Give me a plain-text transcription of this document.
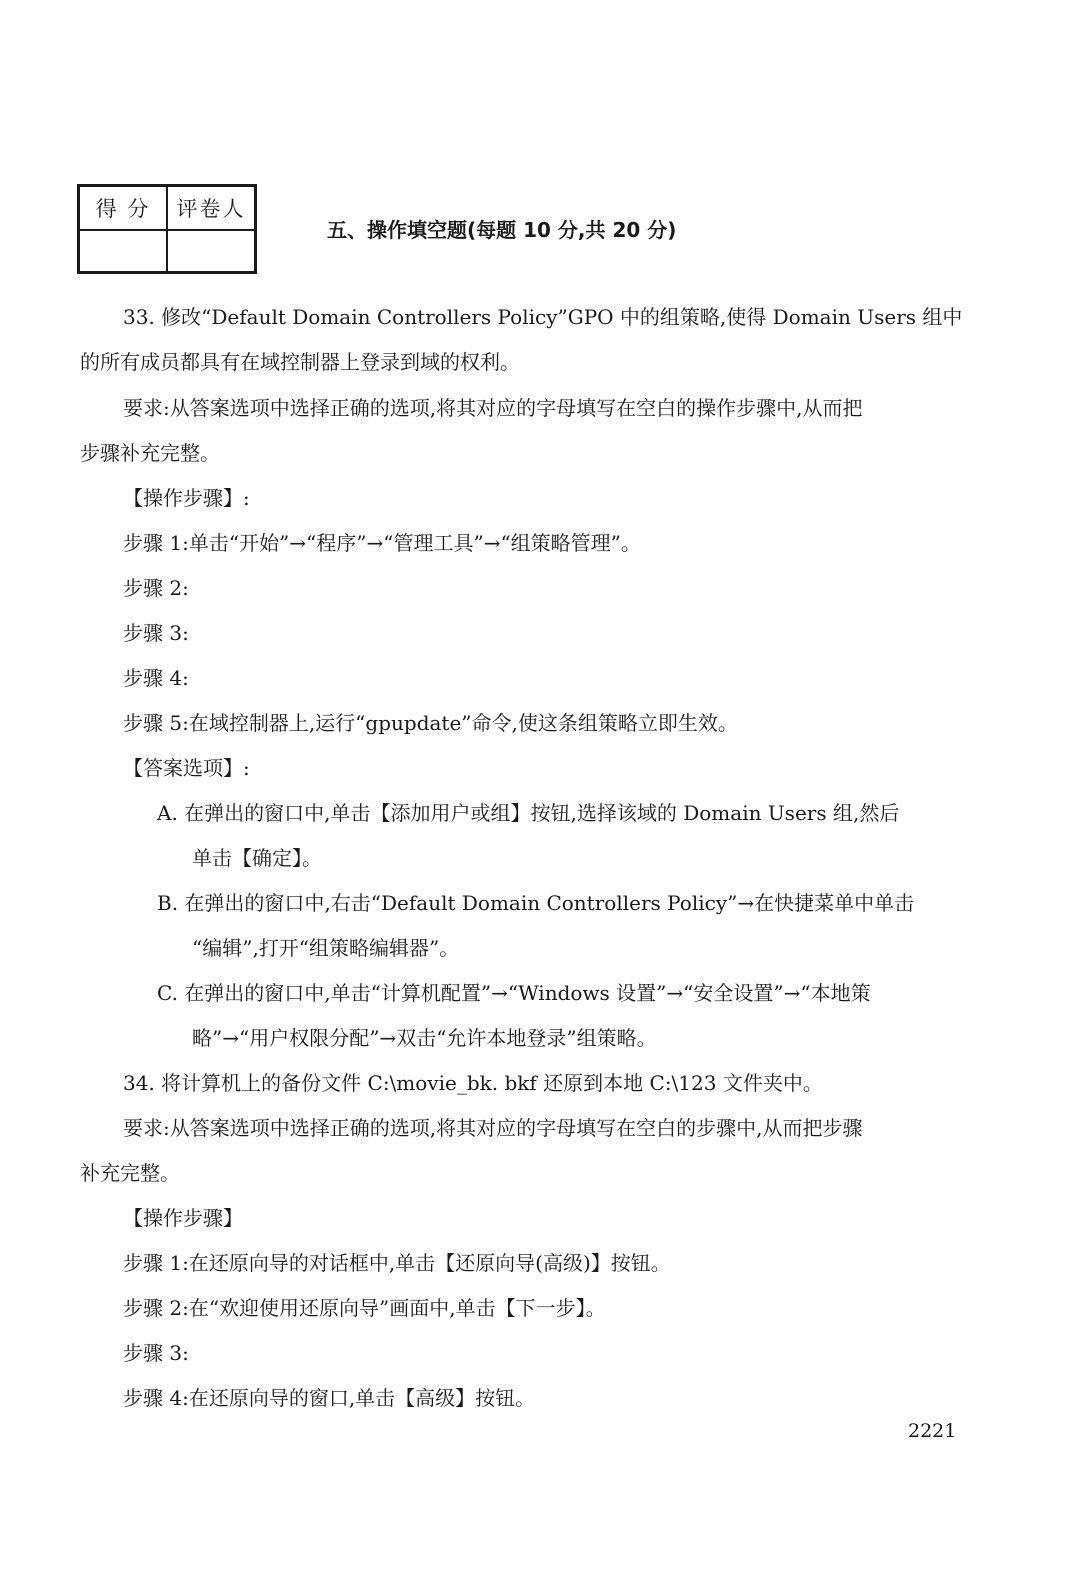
得 分	评卷人
五、操作填空题(每题 10 分,共 20 分)
33. 修改“Default Domain Controllers Policy”GPO 中的组策略,使得 Domain Users 组中
的所有成员都具有在域控制器上登录到域的权利。
要求:从答案选项中选择正确的选项,将其对应的字母填写在空白的操作步骤中,从而把
步骤补充完整。
【操作步骤】:
步骤 1:单击“开始”→“程序”→“管理工具”→“组策略管理”。
步骤 2:
步骤 3:
步骤 4:
步骤 5:在域控制器上,运行“gpupdate”命令,使这条组策略立即生效。
【答案选项】:
A. 在弹出的窗口中,单击【添加用户或组】按钮,选择该域的 Domain Users 组,然后
单击【确定】。
B. 在弹出的窗口中,右击“Default Domain Controllers Policy”→在快捷菜单中单击
“编辑”,打开“组策略编辑器”。
C. 在弹出的窗口中,单击“计算机配置”→“Windows 设置”→“安全设置”→“本地策
略”→“用户权限分配”→双击“允许本地登录”组策略。
34. 将计算机上的备份文件 C:\movie_bk. bkf 还原到本地 C:\123 文件夹中。
要求:从答案选项中选择正确的选项,将其对应的字母填写在空白的步骤中,从而把步骤
补充完整。
【操作步骤】
步骤 1:在还原向导的对话框中,单击【还原向导(高级)】按钮。
步骤 2:在“欢迎使用还原向导”画面中,单击【下一步】。
步骤 3:
步骤 4:在还原向导的窗口,单击【高级】按钮。
2221
